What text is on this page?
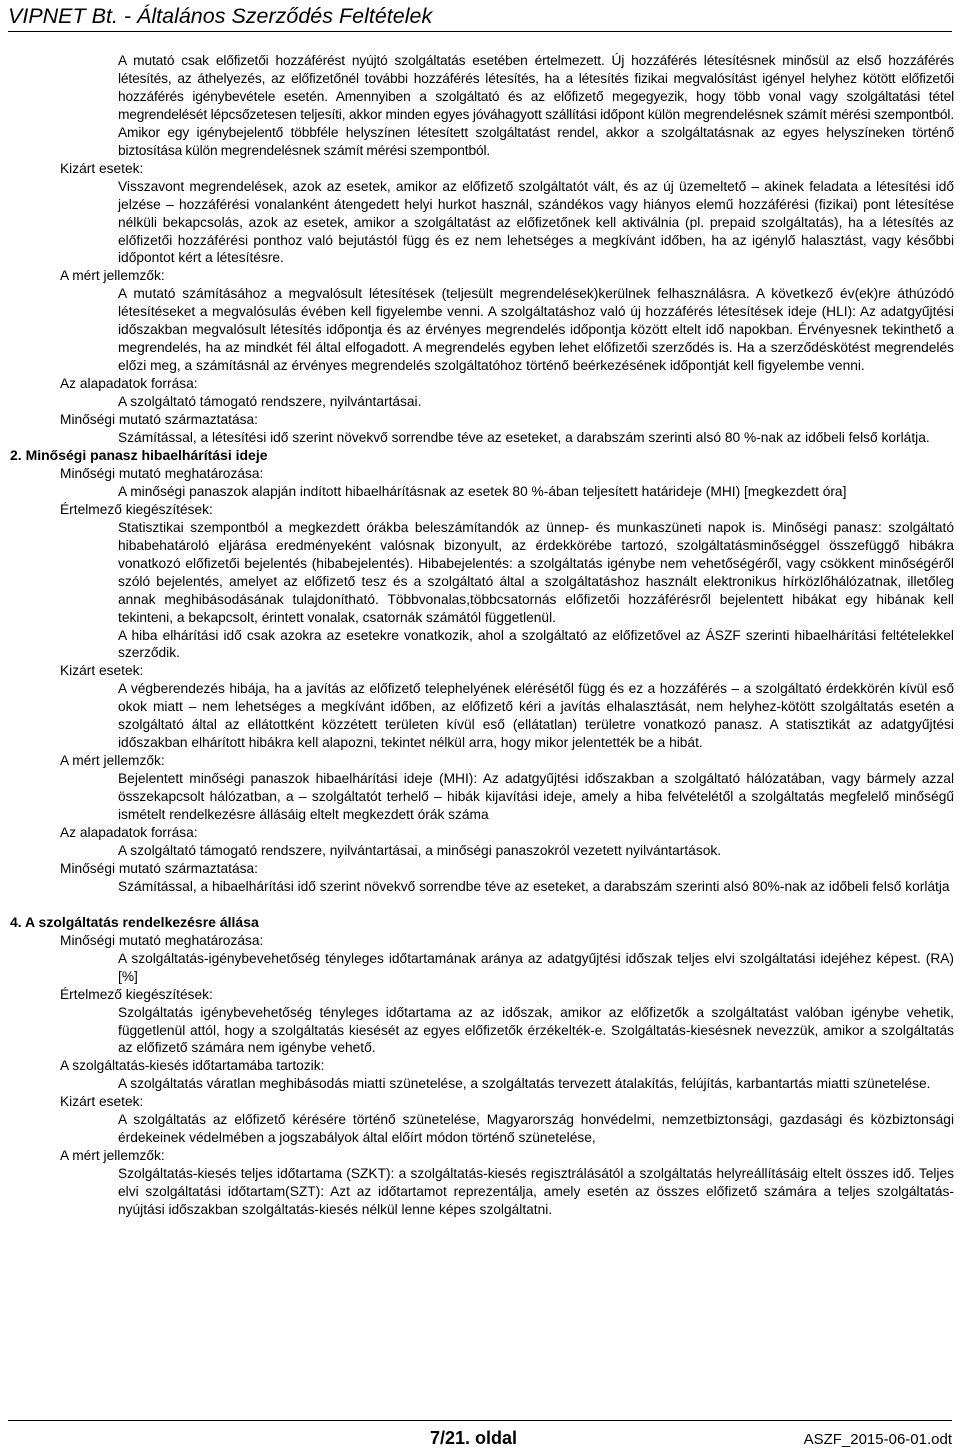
VIPNET Bt. - Általános Szerződés Feltételek

A mutató csak előfizetői hozzáférést nyújtó szolgáltatás esetében értelmezett. Új hozzáférés létesítésnek minősül az első hozzáférés létesítés, az áthelyezés, az előfizetőnél további hozzáférés létesítés, ha a létesítés fizikai megvalósítást igényel helyhez kötött előfizetői hozzáférés igénybevétele esetén. Amennyiben a szolgáltató és az előfizető megegyezik, hogy több vonal vagy szolgáltatási tétel megrendelését lépcsőzetesen teljesíti, akkor minden egyes jóváhagyott szállítási időpont külön megrendelésnek számít mérési szempontból. Amikor egy igénybejelentő többféle helyszínen létesített szolgáltatást rendel, akkor a szolgáltatásnak az egyes helyszíneken történő biztosítása külön megrendelésnek számít mérési szempontból.

Kizárt esetek:

Visszavont megrendelések, azok az esetek, amikor az előfizető szolgáltatót vált, és az új üzemeltető – akinek feladata a létesítési idő jelzése – hozzáférési vonalanként átengedett helyi hurkot használ, szándékos vagy hiányos elemű hozzáférési (fizikai) pont létesítése nélküli bekapcsolás, azok az esetek, amikor a szolgáltatást az előfizetőnek kell aktiválnia (pl. prepaid szolgáltatás), ha a létesítés az előfizetői hozzáférési ponthoz való bejutástól függ és ez nem lehetséges a megkívánt időben, ha az igénylő halasztást, vagy későbbi időpontot kért a létesítésre.

A mért jellemzők:

A mutató számításához a megvalósult létesítések (teljesült megrendelések)kerülnek felhasználásra. A következő év(ek)re áthúzódó létesítéseket a megvalósulás évében kell figyelembe venni. A szolgáltatáshoz való új hozzáférés létesítések ideje (HLI): Az adatgyűjtési időszakban megvalósult létesítés időpontja és az érvényes megrendelés időpontja között eltelt idő napokban. Érvényesnek tekinthető a megrendelés, ha az mindkét fél által elfogadott. A megrendelés egyben lehet előfizetői szerződés is. Ha a szerződéskötést megrendelés előzi meg, a számításnál az érvényes megrendelés szolgáltatóhoz történő beérkezésének időpontját kell figyelembe venni.

Az alapadatok forrása:

A szolgáltató támogató rendszere, nyilvántartásai.

Minőségi mutató származtatása:

Számítással, a létesítési idő szerint növekvő sorrendbe téve az eseteket, a darabszám szerinti alsó 80 %-nak az időbeli felső korlátja.

2. Minőségi panasz hibaelhárítási ideje

Minőségi mutató meghatározása:

A minőségi panaszok alapján indított hibaelhárításnak az esetek 80 %-ában teljesített határideje (MHI) [megkezdett óra]

Értelmező kiegészítések:

Statisztikai szempontból a megkezdett órákba beleszámítandók az ünnep- és munkaszüneti napok is. Minőségi panasz: szolgáltató hibabehatároló eljárása eredményeként valósnak bizonyult, az érdekkörébe tartozó, szolgáltatásminőséggel összefüggő hibákra vonatkozó előfizetői bejelentés (hibabejelentés). Hibabejelentés: a szolgáltatás igénybe nem vehetőségéről, vagy csökkent minőségéről szóló bejelentés, amelyet az előfizető tesz és a szolgáltató által a szolgáltatáshoz használt elektronikus hírközlőhálózatnak, illetőleg annak meghibásodásának tulajdonítható. Többvonalas,többcsatornás előfizetői hozzáférésről bejelentett hibákat egy hibának kell tekinteni, a bekapcsolt, érintett vonalak, csatornák számától függetlenül.

A hiba elhárítási idő csak azokra az esetekre vonatkozik, ahol a szolgáltató az előfizetővel az ÁSZF szerinti hibaelhárítási feltételekkel szerződik.

Kizárt esetek:

A végberendezés hibája, ha a javítás az előfizető telephelyének elérésétől függ és ez a hozzáférés – a szolgáltató érdekkörén kívül eső okok miatt – nem lehetséges a megkívánt időben, az előfizető kéri a javítás elhalasztását, nem helyhez-kötött szolgáltatás esetén a szolgáltató által az ellátottként közzétett területen kívül eső (ellátatlan) területre vonatkozó panasz. A statisztikát az adatgyűjtési időszakban elhárított hibákra kell alapozni, tekintet nélkül arra, hogy mikor jelentették be a hibát.

A mért jellemzők:

Bejelentett minőségi panaszok hibaelhárítási ideje (MHI): Az adatgyűjtési időszakban a szolgáltató hálózatában, vagy bármely azzal összekapcsolt hálózatban, a – szolgáltatót terhelő – hibák kijavítási ideje, amely a hiba felvételétől a szolgáltatás megfelelő minőségű ismételt rendelkezésre állásáig eltelt megkezdett órák száma

Az alapadatok forrása:

A szolgáltató támogató rendszere, nyilvántartásai, a minőségi panaszokról vezetett nyilvántartások.

Minőségi mutató származtatása:

Számítással, a hibaelhárítási idő szerint növekvő sorrendbe téve az eseteket, a darabszám szerinti alsó 80%-nak az időbeli felső korlátja

4. A szolgáltatás rendelkezésre állása

Minőségi mutató meghatározása:

A szolgáltatás-igénybevehetőség tényleges időtartamának aránya az adatgyűjtési időszak teljes elvi szolgáltatási idejéhez képest. (RA) [%]

Értelmező kiegészítések:

Szolgáltatás igénybevehetőség tényleges időtartama az az időszak, amikor az előfizetők a szolgáltatást valóban igénybe vehetik, függetlenül attól, hogy a szolgáltatás kiesését az egyes előfizetők érzékelték-e. Szolgáltatás-kiesésnek nevezzük, amikor a szolgáltatás az előfizető számára nem igénybe vehető.

A szolgáltatás-kiesés időtartamába tartozik:

A szolgáltatás váratlan meghibásodás miatti szünetelése, a szolgáltatás tervezett átalakítás, felújítás, karbantartás miatti szünetelése.

Kizárt esetek:

A szolgáltatás az előfizető kérésére történő szünetelése, Magyarország honvédelmi, nemzetbiztonsági, gazdasági és közbiztonsági érdekeinek védelmében a jogszabályok által előírt módon történő szünetelése,

A mért jellemzők:

Szolgáltatás-kiesés teljes időtartama (SZKT): a szolgáltatás-kiesés regisztrálásától a szolgáltatás helyreállításáig eltelt összes idő. Teljes elvi szolgáltatási időtartam(SZT): Azt az időtartamot reprezentálja, amely esetén az összes előfizető számára a teljes szolgáltatás-nyújtási időszakban szolgáltatás-kiesés nélkül lenne képes szolgáltatni.

7/21. oldal	ASZF_2015-06-01.odt
